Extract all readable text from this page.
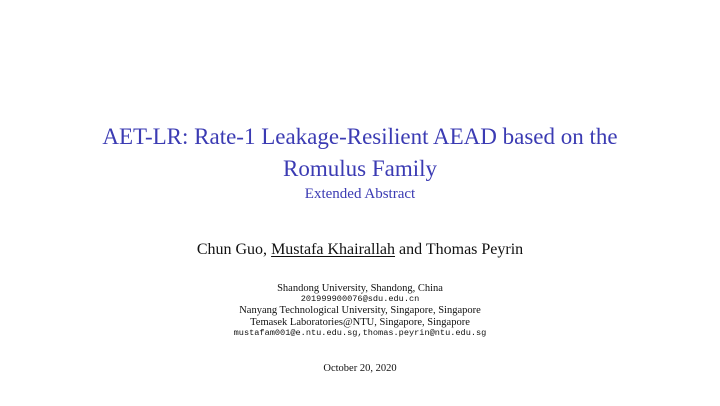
AET-LR: Rate-1 Leakage-Resilient AEAD based on the
Romulus Family
Extended Abstract
Chun Guo, Mustafa Khairallah and Thomas Peyrin
Shandong University, Shandong, China
201999900076@sdu.edu.cn
Nanyang Technological University, Singapore, Singapore
Temasek Laboratories@NTU, Singapore, Singapore
mustafam001@e.ntu.edu.sg,thomas.peyrin@ntu.edu.sg
October 20, 2020
